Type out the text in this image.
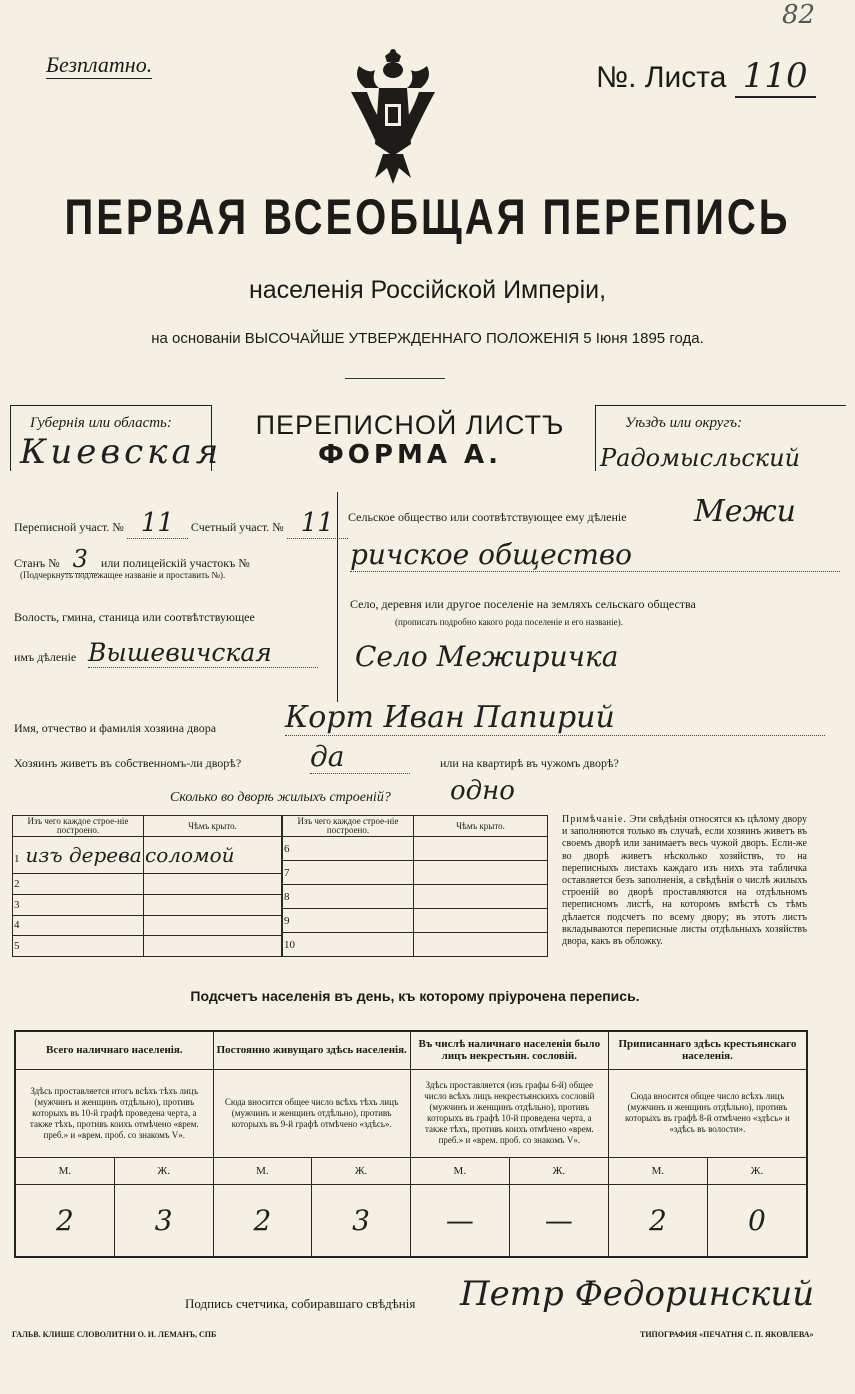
82
Безплатно.	№. Листа 110
ПЕРВАЯ ВСЕОБЩАЯ ПЕРЕПИСЬ
населенія Россійской Имперіи,
на основаніи ВЫСОЧАЙШЕ УТВЕРЖДЕННАГО ПОЛОЖЕНІЯ 5 Іюня 1895 года.
Губернія или область:
Киевская
ПЕРЕПИСНОЙ ЛИСТЪ
ФОРМА А.
Уѣздъ или округъ:
Радомысльский
Переписной участ. № 11 Счетный участ. № 11
Станъ № 3 или полицейскій участокъ №
(Подчеркнуть подлежащее названіе и проставить №).
Волость, гмина, станица или соотвѣтствующее
имъ дѣленіе Вышевичская
Сельское общество или соотвѣтствующее ему дѣленіе Межи
ричское общество
Село, деревня или другое поселеніе на земляхъ сельскаго общества
(прописать подробно какого рода поселеніе и его названіе).
Село Межиричка
Имя, отчество и фамилія хозяина двора Корт Иван Папирий
Хозяинъ живетъ въ собственномъ-ли дворѣ? да	или на квартирѣ въ чужомъ дворѣ?
Сколько во дворѣ жилыхъ строеній? одно
Изъ чего каждое строе-ніе построено.	Чѣмъ крыто.
1 изъ дерева	соломой
2	
3	
4	
5	
Изъ чего каждое строе-ніе построено.	Чѣмъ крыто.
6	
7	
8	
9	
10	
Примѣчаніе. Эти свѣдѣнія относятся къ цѣлому двору и заполняются только въ случаѣ, если хозяинъ живетъ въ своемъ дворѣ или занимаетъ весь чужой дворъ. Если-же во дворѣ живетъ нѣсколько хозяйствъ, то на переписныхъ листахъ каждаго изъ нихъ эта табличка оставляется безъ заполненія, а свѣдѣнія о числѣ жилыхъ строеній во дворѣ проставляются на отдѣльномъ переписномъ листѣ, на которомъ вмѣстѣ съ тѣмъ дѣлается подсчетъ по всему двору; въ этотъ листъ вкладываются переписные листы отдѣльныхъ хозяйствъ двора, какъ въ обложку.
Подсчетъ населенія въ день, къ которому пріурочена перепись.
Всего наличнаго населенія.		Постоянно живущаго здѣсь населенія.		Въ числѣ наличнаго населенія было лицъ некрестьян. сословій.		Приписаннаго здѣсь крестьянскаго населенія.	
Здѣсь проставляется итогъ всѣхъ тѣхъ лицъ (мужчинъ и женщинъ отдѣльно), противъ которыхъ въ 10-й графѣ проведена черта, а также тѣхъ, противъ коихъ отмѣчено «врем. преб.» и «врем. проб. со знакомъ V».		Сюда вносится общее число всѣхъ тѣхъ лицъ (мужчинъ и женщинъ отдѣльно), противъ которыхъ въ 9-й графѣ отмѣчено «здѣсь».		Здѣсь проставляется (изъ графы 6-й) общее число всѣхъ лицъ некрестьянскихъ сословій (мужчинъ и женщинъ отдѣльно), противъ которыхъ въ графѣ 10-й проведена черта, а также тѣхъ, противъ коихъ отмѣчено «врем. преб.» и «врем. проб. со знакомъ V».		Сюда вносится общее число всѣхъ лицъ (мужчинъ и женщинъ отдѣльно), противъ которыхъ въ графѣ 8-й отмѣчено «здѣсь» и «здѣсь въ волости».	
М.	Ж.	М.	Ж.	М.	Ж.	М.	Ж.
2	3	2	3	—	—	2	0
Подпись счетчика, собиравшаго свѣдѣнія Петр Федоринский
ГАЛЬВ. КЛИШЕ СЛОВОЛИТНИ О. И. ЛЕМАНЪ, СПБ	ТИПОГРАФИЯ «ПЕЧАТНЯ С. П. ЯКОВЛЕВА»
